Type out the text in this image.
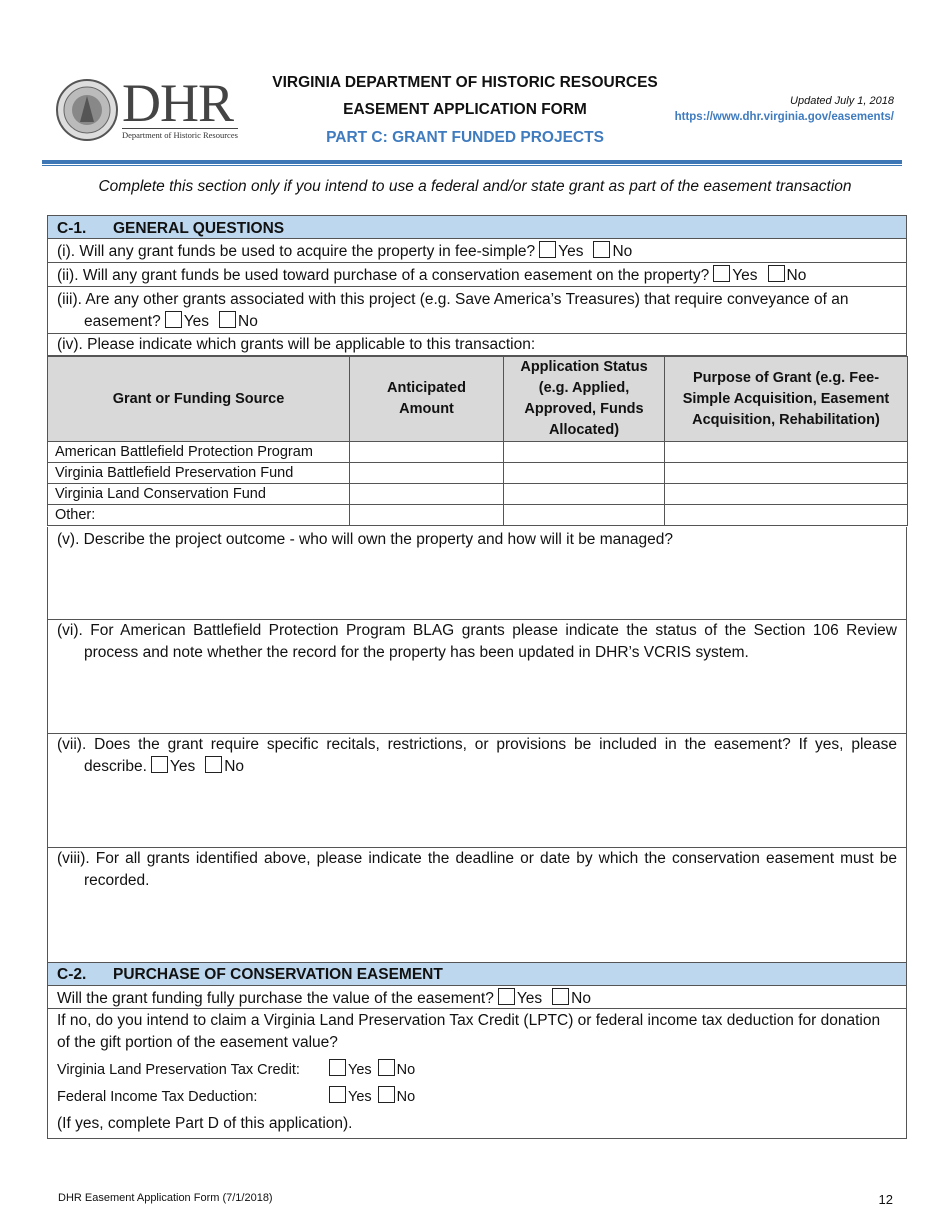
DHR
Department of Historic Resources
VIRGINIA DEPARTMENT OF HISTORIC RESOURCES
EASEMENT APPLICATION FORM
PART C: GRANT FUNDED PROJECTS
Updated July 1, 2018
https://www.dhr.virginia.gov/easements/
Complete this section only if you intend to use a federal and/or state grant as part of the easement transaction
C-1. GENERAL QUESTIONS
(i). Will any grant funds be used to acquire the property in fee-simple? Yes No
(ii). Will any grant funds be used toward purchase of a conservation easement on the property? Yes No
(iii). Are any other grants associated with this project (e.g. Save America’s Treasures) that require conveyance of an easement? Yes No
(iv). Please indicate which grants will be applicable to this transaction:
Grant or Funding Source	Anticipated Amount	Application Status (e.g. Applied, Approved, Funds Allocated)	Purpose of Grant (e.g. Fee-Simple Acquisition, Easement Acquisition, Rehabilitation)
American Battlefield Protection Program			
Virginia Battlefield Preservation Fund			
Virginia Land Conservation Fund			
Other:			
(v). Describe the project outcome - who will own the property and how will it be managed?
(vi). For American Battlefield Protection Program BLAG grants please indicate the status of the Section 106 Review process and note whether the record for the property has been updated in DHR’s VCRIS system.
(vii). Does the grant require specific recitals, restrictions, or provisions be included in the easement? If yes, please describe. Yes No
(viii). For all grants identified above, please indicate the deadline or date by which the conservation easement must be recorded.
C-2. PURCHASE OF CONSERVATION EASEMENT
Will the grant funding fully purchase the value of the easement? Yes No
If no, do you intend to claim a Virginia Land Preservation Tax Credit (LPTC) or federal income tax deduction for donation of the gift portion of the easement value?
Virginia Land Preservation Tax Credit:	Yes No
Federal Income Tax Deduction:	Yes No
(If yes, complete Part D of this application).
DHR Easement Application Form (7/1/2018)	12
